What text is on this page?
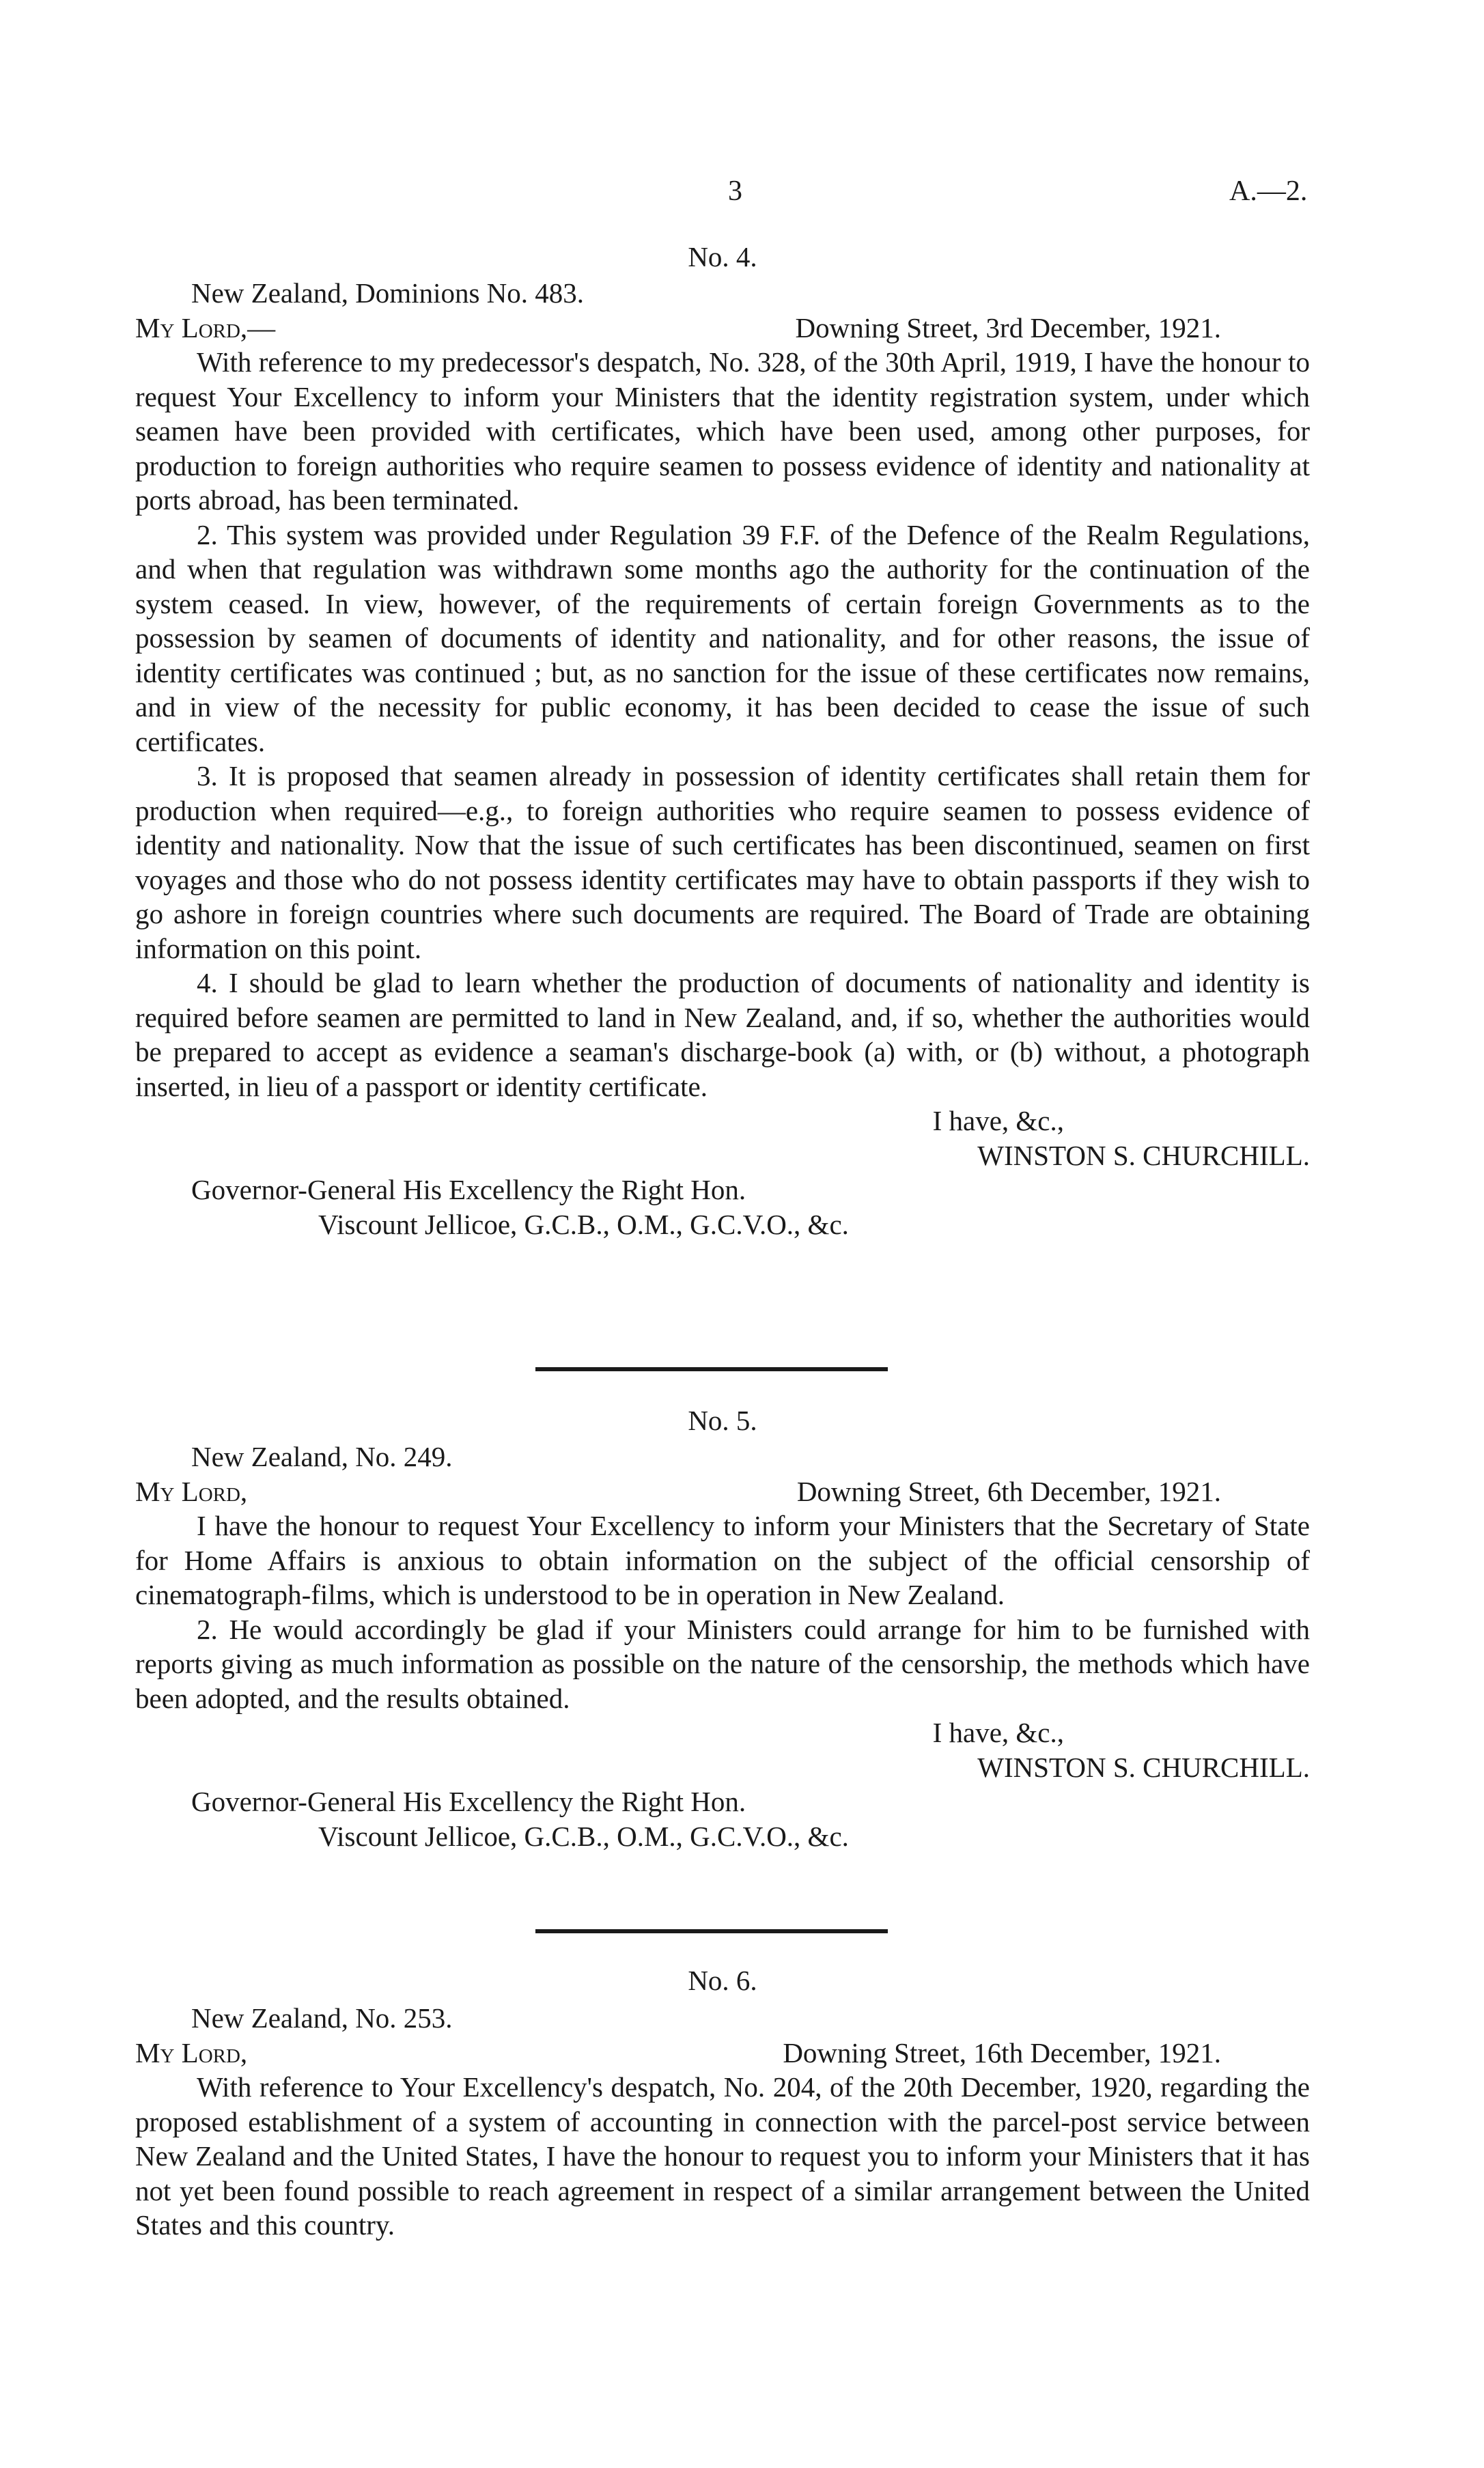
3	A.—2.
No. 4.
New Zealand, Dominions No. 483.
My Lord,—	Downing Street, 3rd December, 1921.

With reference to my predecessor's despatch, No. 328, of the 30th April, 1919, I have the honour to request Your Excellency to inform your Ministers that the identity registration system, under which seamen have been provided with certificates, which have been used, among other purposes, for production to foreign authorities who require seamen to possess evidence of identity and nationality at ports abroad, has been terminated.

2. This system was provided under Regulation 39 F.F. of the Defence of the Realm Regulations, and when that regulation was withdrawn some months ago the authority for the continuation of the system ceased. In view, however, of the requirements of certain foreign Governments as to the possession by seamen of documents of identity and nationality, and for other reasons, the issue of identity certificates was continued ; but, as no sanction for the issue of these certificates now remains, and in view of the necessity for public economy, it has been decided to cease the issue of such certificates.

3. It is proposed that seamen already in possession of identity certificates shall retain them for production when required—e.g., to foreign authorities who require seamen to possess evidence of identity and nationality. Now that the issue of such certificates has been discontinued, seamen on first voyages and those who do not possess identity certificates may have to obtain passports if they wish to go ashore in foreign countries where such documents are required. The Board of Trade are obtaining information on this point.

4. I should be glad to learn whether the production of documents of nationality and identity is required before seamen are permitted to land in New Zealand, and, if so, whether the authorities would be prepared to accept as evidence a seaman's discharge-book (a) with, or (b) without, a photograph inserted, in lieu of a passport or identity certificate.

I have, &c.,
WINSTON S. CHURCHILL.
Governor-General His Excellency the Right Hon.
Viscount Jellicoe, G.C.B., O.M., G.C.V.O., &c.
No. 5.
New Zealand, No. 249.
My Lord,	Downing Street, 6th December, 1921.

I have the honour to request Your Excellency to inform your Ministers that the Secretary of State for Home Affairs is anxious to obtain information on the subject of the official censorship of cinematograph-films, which is understood to be in operation in New Zealand.

2. He would accordingly be glad if your Ministers could arrange for him to be furnished with reports giving as much information as possible on the nature of the censorship, the methods which have been adopted, and the results obtained.

I have, &c.,
WINSTON S. CHURCHILL.
Governor-General His Excellency the Right Hon.
Viscount Jellicoe, G.C.B., O.M., G.C.V.O., &c.
No. 6.
New Zealand, No. 253.
My Lord,	Downing Street, 16th December, 1921.

With reference to Your Excellency's despatch, No. 204, of the 20th December, 1920, regarding the proposed establishment of a system of accounting in connection with the parcel-post service between New Zealand and the United States, I have the honour to request you to inform your Ministers that it has not yet been found possible to reach agreement in respect of a similar arrangement between the United States and this country.
